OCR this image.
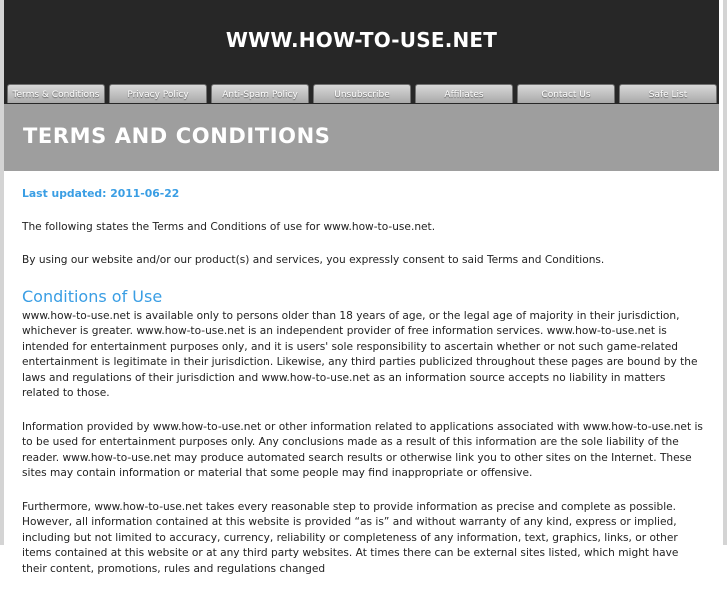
WWW.HOW-TO-USE.NET
Terms & Conditions	Privacy Policy	Anti-Spam Policy	Unsubscribe	Affiliates	Contact Us	Safe List
TERMS AND CONDITIONS

Last updated: 2011-06-22

The following states the Terms and Conditions of use for www.how-to-use.net.

By using our website and/or our product(s) and services, you expressly consent to said Terms and Conditions.

Conditions of Use

www.how-to-use.net is available only to persons older than 18 years of age, or the legal age of majority in their jurisdiction, whichever is greater. www.how-to-use.net is an independent provider of free information services. www.how-to-use.net is intended for entertainment purposes only, and it is users' sole responsibility to ascertain whether or not such game-related entertainment is legitimate in their jurisdiction. Likewise, any third parties publicized throughout these pages are bound by the laws and regulations of their jurisdiction and www.how-to-use.net as an information source accepts no liability in matters related to those.

Information provided by www.how-to-use.net or other information related to applications associated with www.how-to-use.net is to be used for entertainment purposes only. Any conclusions made as a result of this information are the sole liability of the reader. www.how-to-use.net may produce automated search results or otherwise link you to other sites on the Internet. These sites may contain information or material that some people may find inappropriate or offensive.

Furthermore, www.how-to-use.net takes every reasonable step to provide information as precise and complete as possible. However, all information contained at this website is provided “as is” and without warranty of any kind, express or implied, including but not limited to accuracy, currency, reliability or completeness of any information, text, graphics, links, or other items contained at this website or at any third party websites. At times there can be external sites listed, which might have their content, promotions, rules and regulations changed
